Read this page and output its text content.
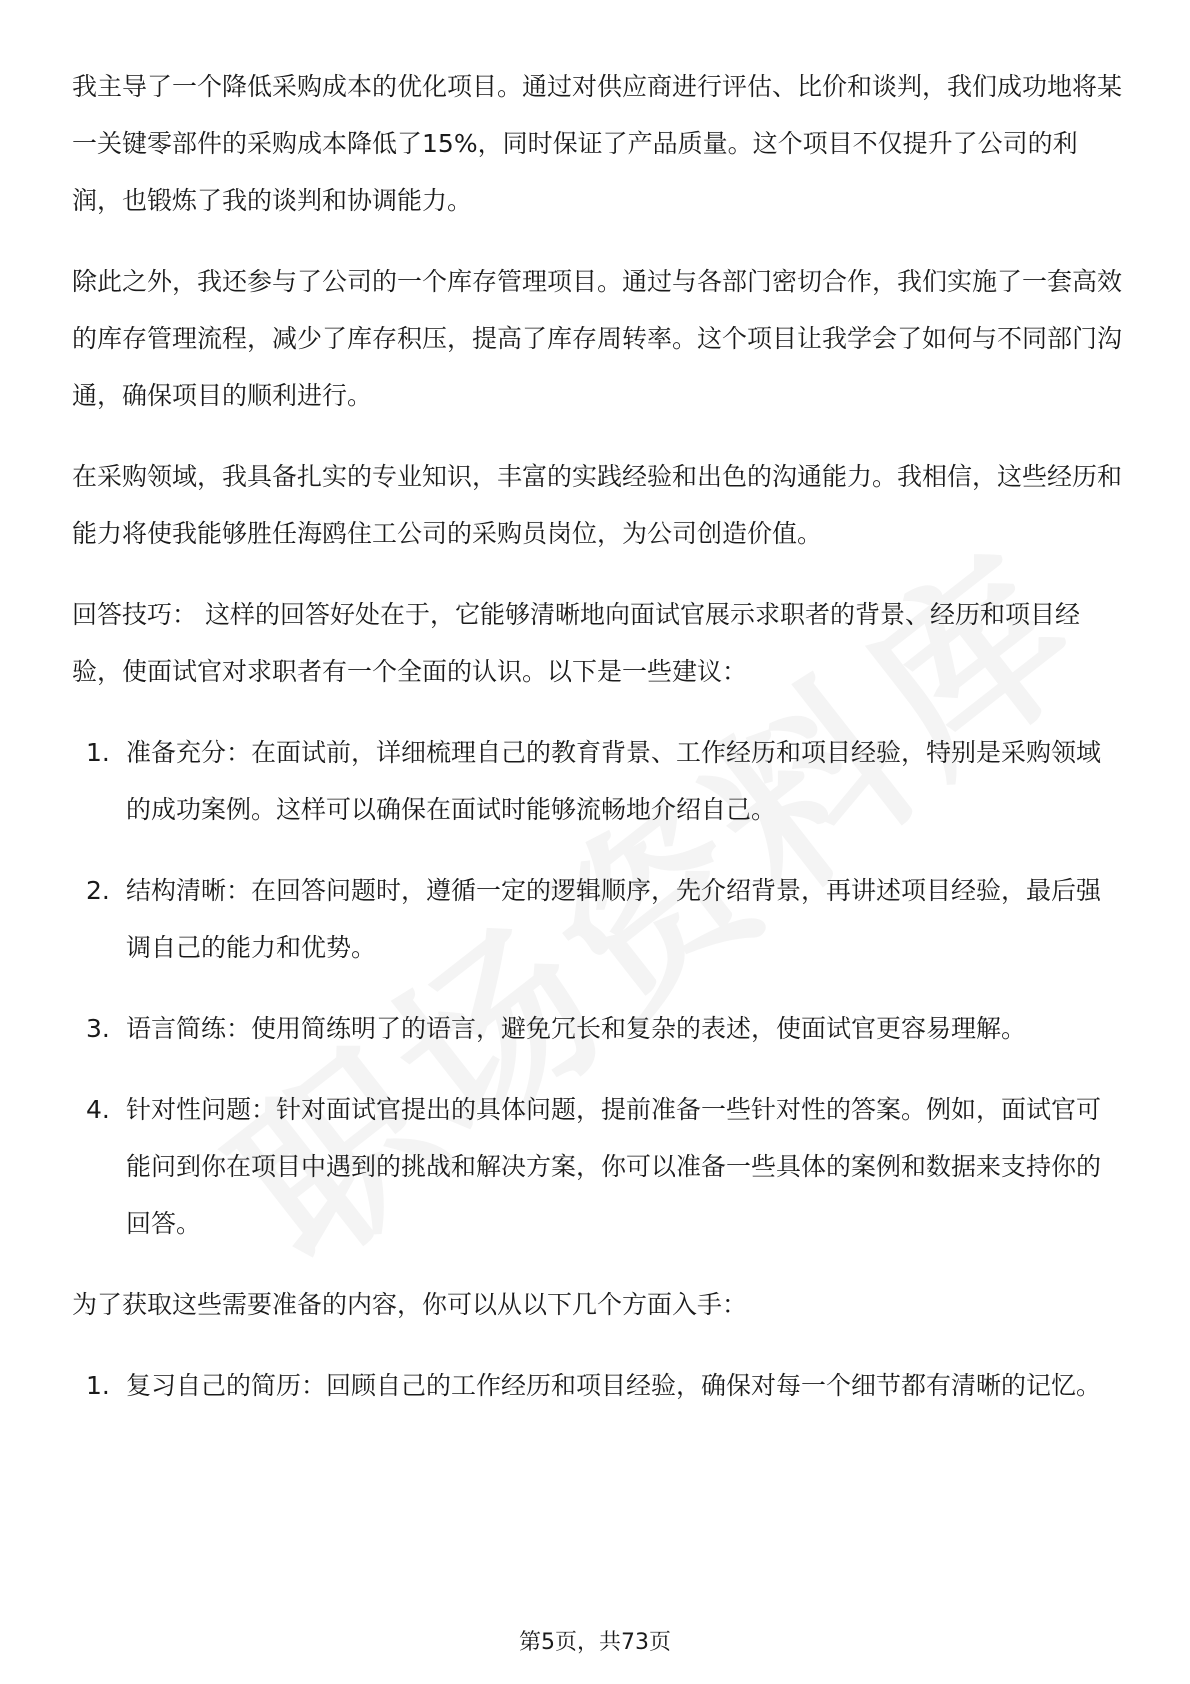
我主导了一个降低采购成本的优化项目。通过对供应商进行评估、比价和谈判，我们成功地将某一关键零部件的采购成本降低了15%，同时保证了产品质量。这个项目不仅提升了公司的利润，也锻炼了我的谈判和协调能力。

除此之外，我还参与了公司的一个库存管理项目。通过与各部门密切合作，我们实施了一套高效的库存管理流程，减少了库存积压，提高了库存周转率。这个项目让我学会了如何与不同部门沟通，确保项目的顺利进行。

在采购领域，我具备扎实的专业知识，丰富的实践经验和出色的沟通能力。我相信，这些经历和能力将使我能够胜任海鸥住工公司的采购员岗位，为公司创造价值。

回答技巧： 这样的回答好处在于，它能够清晰地向面试官展示求职者的背景、经历和项目经验，使面试官对求职者有一个全面的认识。以下是一些建议：

1. 准备充分：在面试前，详细梳理自己的教育背景、工作经历和项目经验，特别是采购领域的成功案例。这样可以确保在面试时能够流畅地介绍自己。
2. 结构清晰：在回答问题时，遵循一定的逻辑顺序，先介绍背景，再讲述项目经验，最后强调自己的能力和优势。
3. 语言简练：使用简练明了的语言，避免冗长和复杂的表述，使面试官更容易理解。
4. 针对性问题：针对面试官提出的具体问题，提前准备一些针对性的答案。例如，面试官可能问到你在项目中遇到的挑战和解决方案，你可以准备一些具体的案例和数据来支持你的回答。

为了获取这些需要准备的内容，你可以从以下几个方面入手：

1. 复习自己的简历：回顾自己的工作经历和项目经验，确保对每一个细节都有清晰的记忆。
第5页，共73页
